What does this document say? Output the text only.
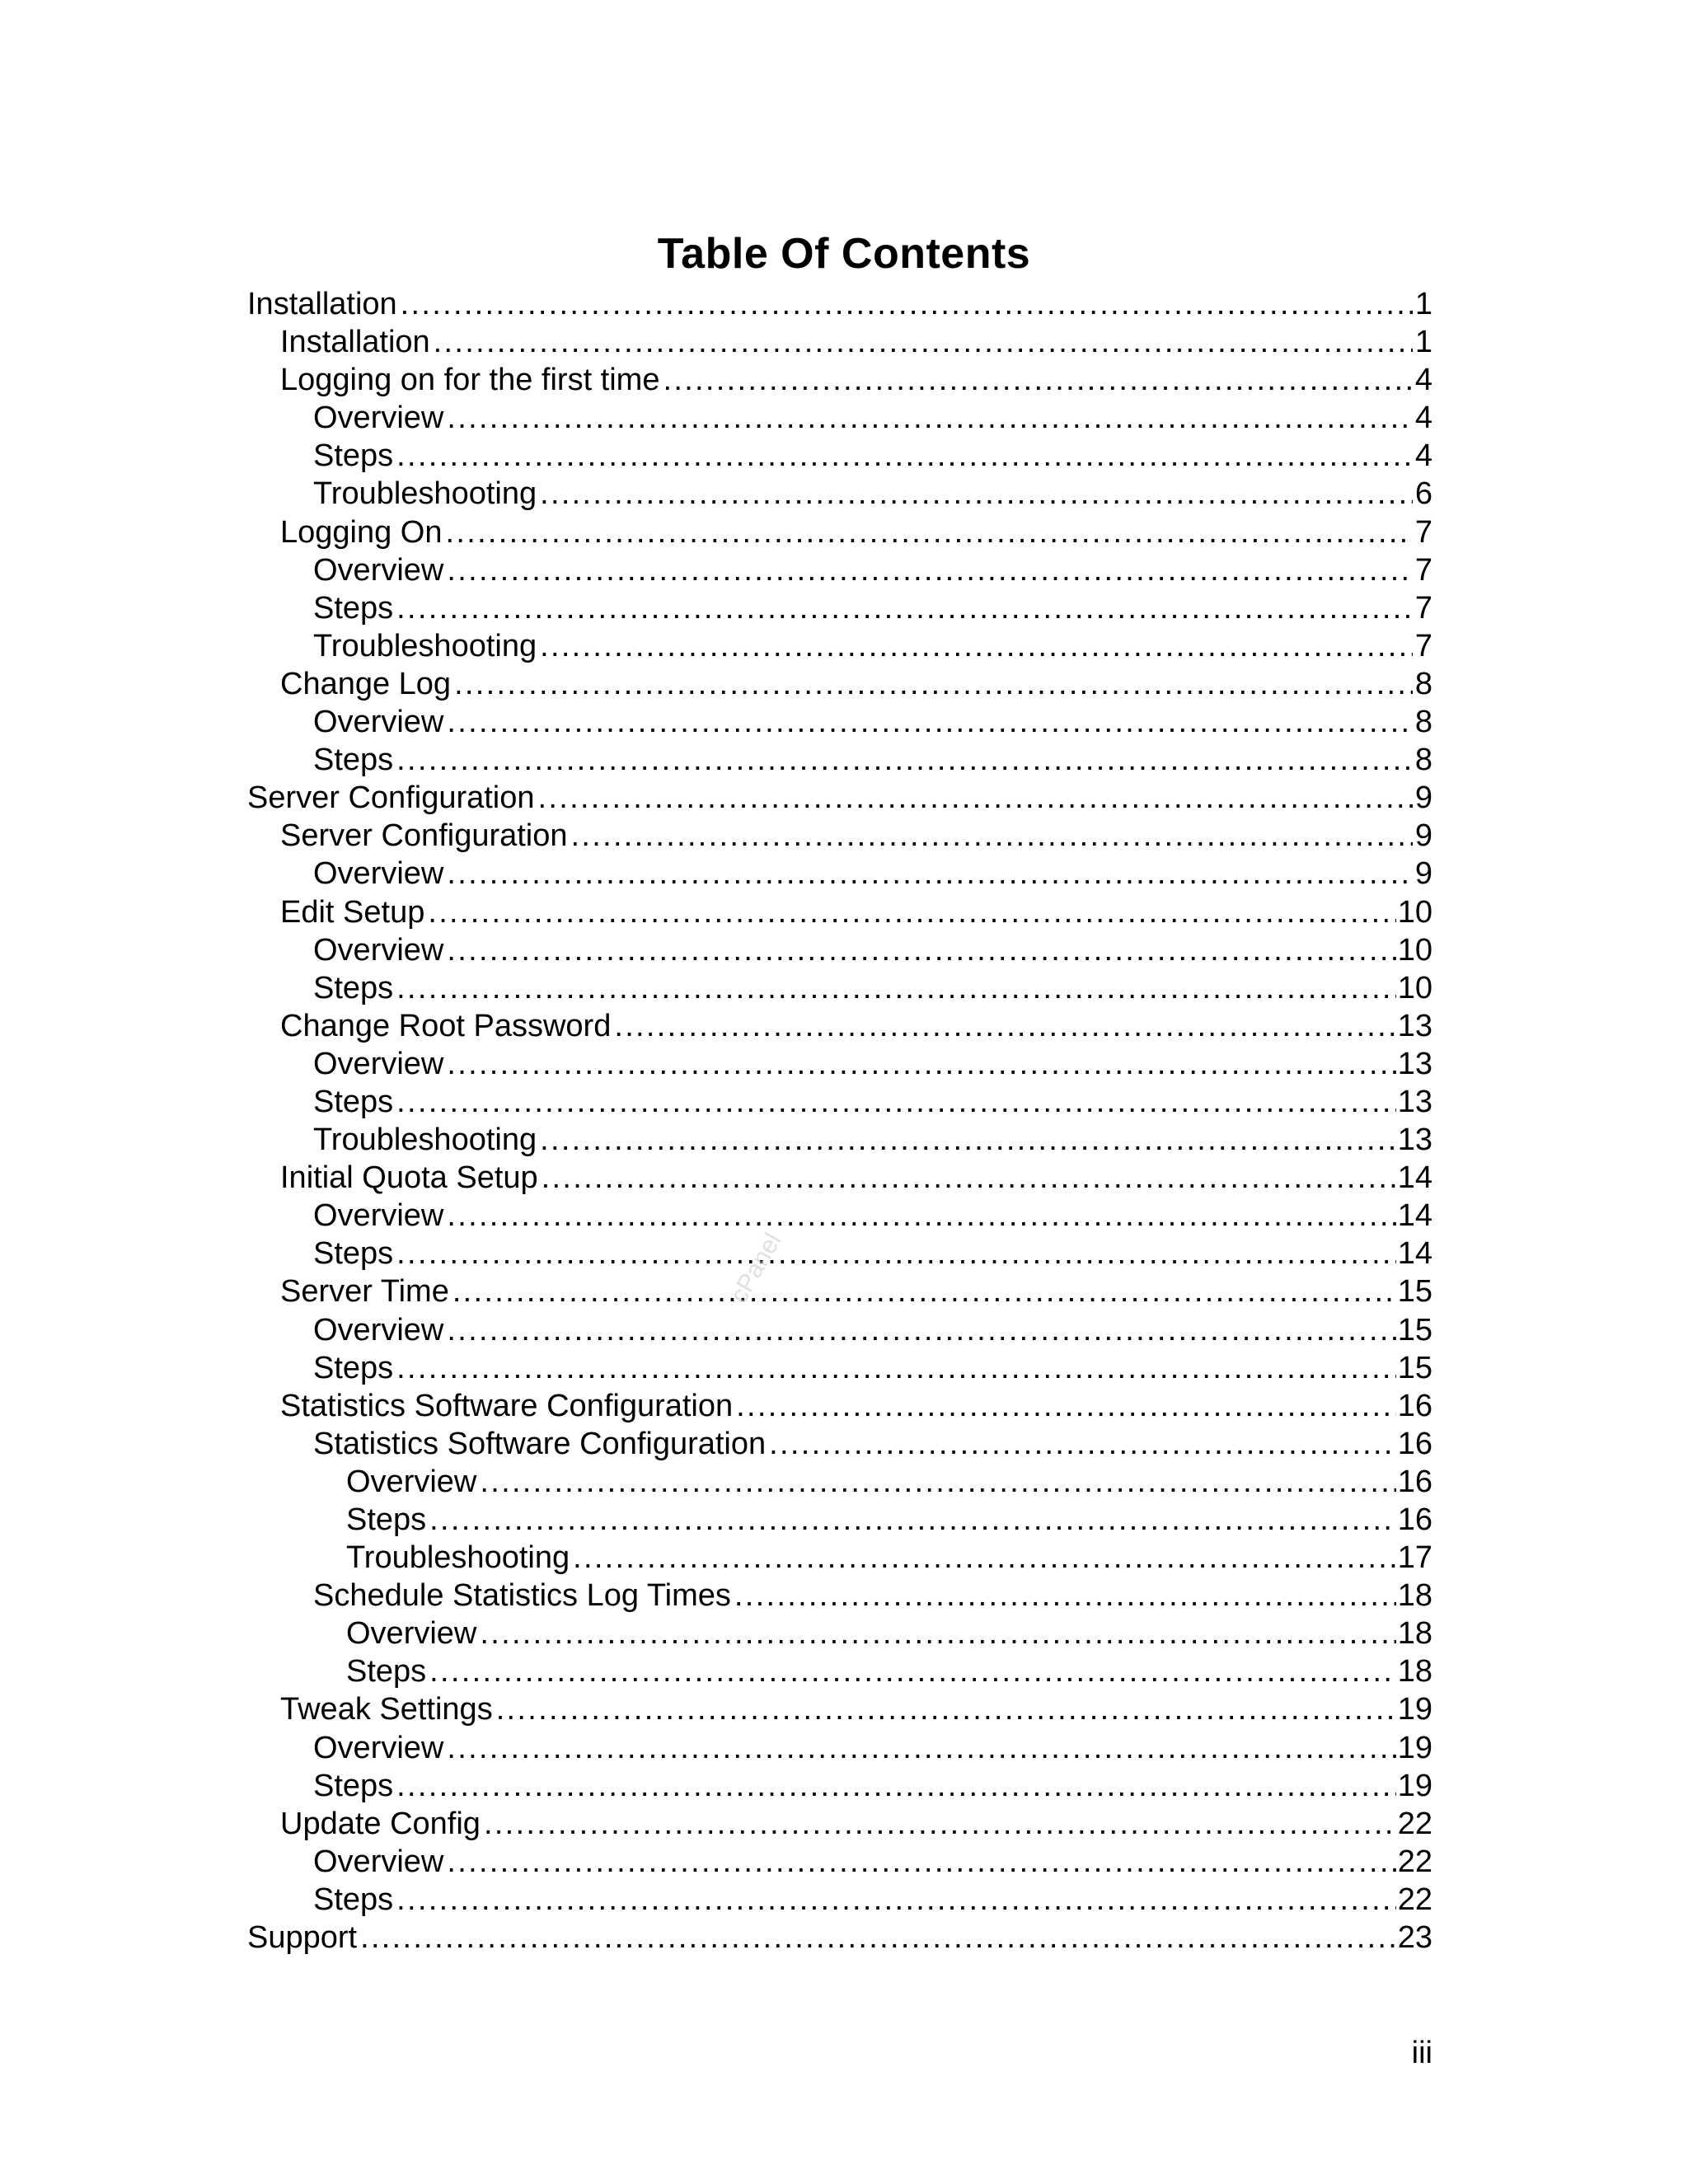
Table Of Contents
Installation .....	1
Installation .....	1
Logging on for the first time .....	4
Overview .....	4
Steps .....	4
Troubleshooting .....	6
Logging On .....	7
Overview .....	7
Steps .....	7
Troubleshooting .....	7
Change Log .....	8
Overview .....	8
Steps .....	8
Server Configuration .....	9
Server Configuration .....	9
Overview .....	9
Edit Setup .....	10
Overview .....	10
Steps .....	10
Change Root Password .....	13
Overview .....	13
Steps .....	13
Troubleshooting .....	13
Initial Quota Setup .....	14
Overview .....	14
Steps .....	14
Server Time .....	15
Overview .....	15
Steps .....	15
Statistics Software Configuration .....	16
Statistics Software Configuration .....	16
Overview .....	16
Steps .....	16
Troubleshooting .....	17
Schedule Statistics Log Times .....	18
Overview .....	18
Steps .....	18
Tweak Settings .....	19
Overview .....	19
Steps .....	19
Update Config .....	22
Overview .....	22
Steps .....	22
Support .....	23
cPanel
iii
